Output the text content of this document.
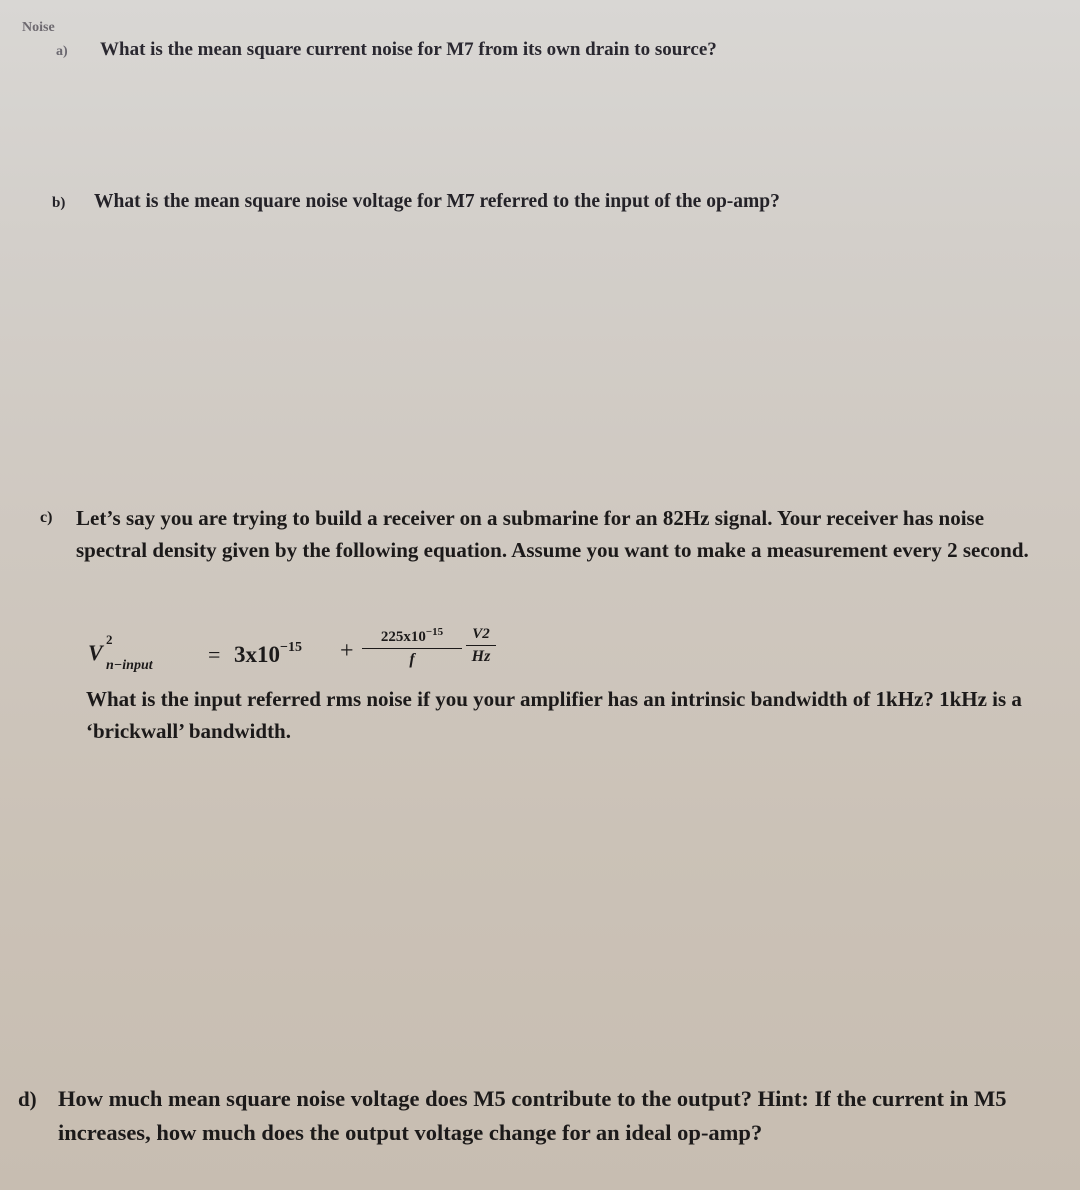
Noise
a) What is the mean square current noise for M7 from its own drain to source?
b) What is the mean square noise voltage for M7 referred to the input of the op-amp?
c) Let’s say you are trying to build a receiver on a submarine for an 82Hz signal. Your receiver has noise spectral density given by the following equation. Assume you want to make a measurement every 2 second.
V
2
n−input	= $3x10^{-15}$ +
$225x10^{-15}$
f
V2
Hz
What is the input referred rms noise if you your amplifier has an intrinsic bandwidth of 1kHz? 1kHz is a ‘brickwall’ bandwidth.
d) How much mean square noise voltage does M5 contribute to the output? Hint: If the current in M5 increases, how much does the output voltage change for an ideal op-amp?
